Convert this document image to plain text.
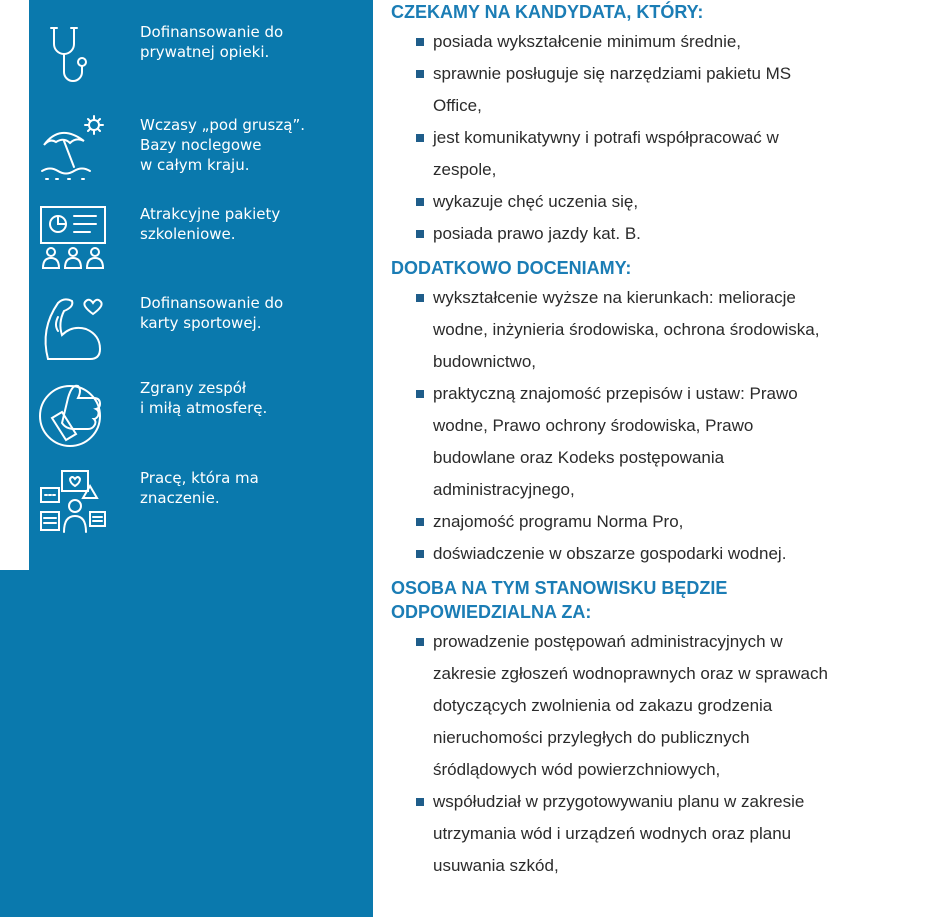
Dofinansowanie do
prywatnej opieki.
Wczasy „pod gruszą”.
Bazy noclegowe
w całym kraju.
Atrakcyjne pakiety
szkoleniowe.
Dofinansowanie do
karty sportowej.
Zgrany zespół
i miłą atmosferę.
Pracę, która ma
znaczenie.
CZEKAMY NA KANDYDATA, KTÓRY:
posiada wykształcenie minimum średnie,
sprawnie posługuje się narzędziami pakietu MS Office,
jest komunikatywny i potrafi współpracować w zespole,
wykazuje chęć uczenia się,
posiada prawo jazdy kat. B.
DODATKOWO DOCENIAMY:
wykształcenie wyższe na kierunkach: melioracje wodne, inżynieria środowiska, ochrona środowiska, budownictwo,
praktyczną znajomość przepisów i ustaw: Prawo wodne, Prawo ochrony środowiska, Prawo budowlane oraz Kodeks postępowania administracyjnego,
znajomość programu Norma Pro,
doświadczenie w obszarze gospodarki wodnej.
OSOBA NA TYM STANOWISKU BĘDZIE ODPOWIEDZIALNA ZA:
prowadzenie postępowań administracyjnych w zakresie zgłoszeń wodnoprawnych oraz w sprawach dotyczących zwolnienia od zakazu grodzenia nieruchomości przyległych do publicznych śródlądowych wód powierzchniowych,
współudział w przygotowywaniu planu w zakresie utrzymania wód i urządzeń wodnych oraz planu usuwania szkód,
